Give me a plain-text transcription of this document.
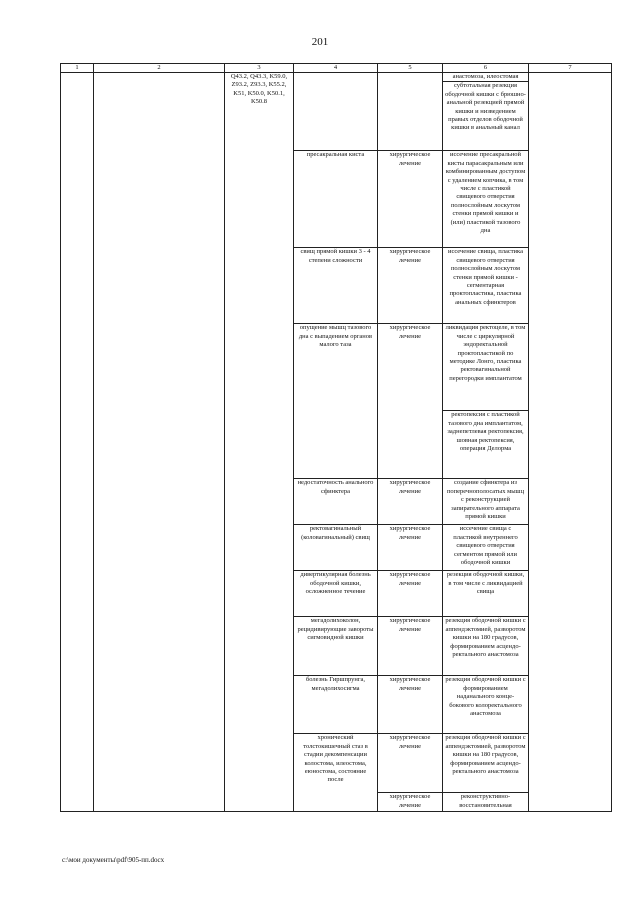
201
1	2	3	4	5	6	7
		Q43.2, Q43.3, K59.0, Z93.2, Z93.3, K55.2, K51, K50.0, K50.1, K50.8			анастомоза, илеостомая	
					субтотальная резекция ободочной кишки с брюшно-анальной резекцией прямой кишки и низведением правых отделов ободочной кишки в анальный канал	
			пресакральная киста	хирургическое лечение	иссечение пресакральной кисты парасакральным или комбинированным доступом с удалением копчика, в том числе с пластикой свищевого отверстия полнослойным лоскутом стенки прямой кишки и (или) пластикой тазового дна	
			свищ прямой кишки 3 - 4 степени сложности	хирургическое лечение	иссечение свища, пластика свищевого отверстия полнослойным лоскутом стенки прямой кишки - сегментарная проктопластика, пластика анальных сфинктеров	
			опущение мышц тазового дна с выпадением органов малого таза	хирургическое лечение	ликвидация ректоцеле, в том числе с циркулярной эндоректальной проктопластикой по методике Лонго, пластика ректовагинальной перегородки имплантатом	
					ректопексия с пластикой тазового дна имплантатом, заднепетлевая ректопексия, шовная ректопексия, операция Делорма	
			недостаточность анального сфинктера	хирургическое лечение	создание сфинктера из поперечнополосатых мышц с реконструкцией запирательного аппарата прямой кишки	
			ректовагинальный (коловагинальный) свищ	хирургическое лечение	иссечение свища с пластикой внутреннего свищевого отверстия сегментом прямой или ободочной кишки	
			дивертикулярная болезнь ободочной кишки, осложненное течение	хирургическое лечение	резекция ободочной кишки, в том числе с ликвидацией свища	
			мегадолихоколон, рецидивирующие завороты сигмовидной кишки	хирургическое лечение	резекция ободочной кишки с аппендэктомией, разворотом кишки на 180 градусов, формированием асцендо-ректального анастомоза	
			болезнь Гиршпрунга, мегадолихосигма	хирургическое лечение	резекция ободочной кишки с формированием наданального конце-бокового колоректального анастомоза	
			хронический толстокишечный стаз в стадии декомпенсации колостома, илеостома, еюностома, состояние после	хирургическое лечение	резекция ободочной кишки с аппендэктомией, разворотом кишки на 180 градусов, формированием асцендо-ректального анастомоза	
				хирургическое лечение	реконструктивно-восстановительная	
c:\мои документы\pdf\905-пп.docx
